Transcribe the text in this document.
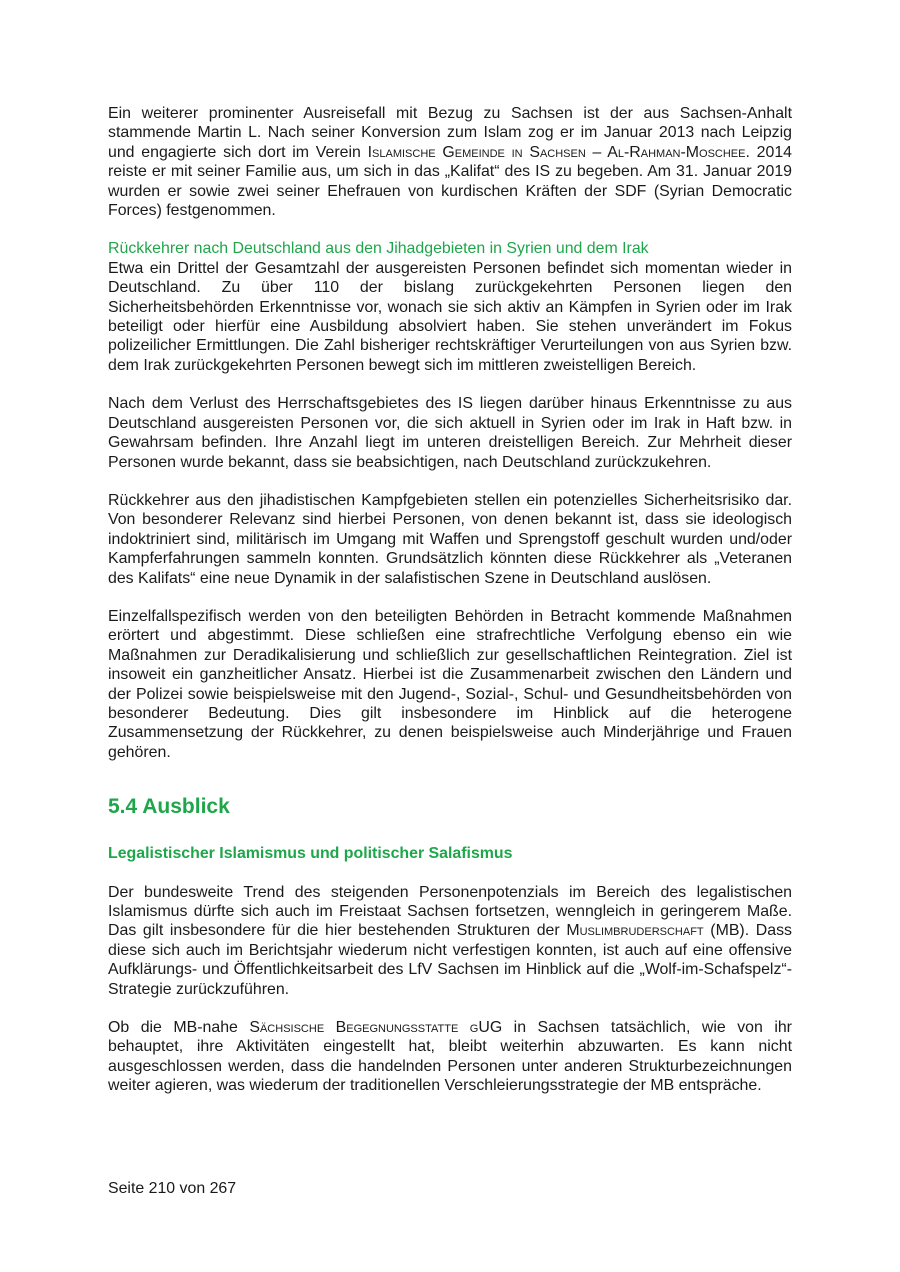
Ein weiterer prominenter Ausreisefall mit Bezug zu Sachsen ist der aus Sachsen-Anhalt stammende Martin L. Nach seiner Konversion zum Islam zog er im Januar 2013 nach Leipzig und engagierte sich dort im Verein Islamische Gemeinde in Sachsen – Al-Rahman-Moschee. 2014 reiste er mit seiner Familie aus, um sich in das „Kalifat“ des IS zu begeben. Am 31. Januar 2019 wurden er sowie zwei seiner Ehefrauen von kurdischen Kräften der SDF (Syrian Democratic Forces) festgenommen.

Rückkehrer nach Deutschland aus den Jihadgebieten in Syrien und dem Irak

Etwa ein Drittel der Gesamtzahl der ausgereisten Personen befindet sich momentan wieder in Deutschland. Zu über 110 der bislang zurückgekehrten Personen liegen den Sicherheitsbehörden Erkenntnisse vor, wonach sie sich aktiv an Kämpfen in Syrien oder im Irak beteiligt oder hierfür eine Ausbildung absolviert haben. Sie stehen unverändert im Fokus polizeilicher Ermittlungen. Die Zahl bisheriger rechtskräftiger Verurteilungen von aus Syrien bzw. dem Irak zurückgekehrten Personen bewegt sich im mittleren zweistelligen Bereich.

Nach dem Verlust des Herrschaftsgebietes des IS liegen darüber hinaus Erkenntnisse zu aus Deutschland ausgereisten Personen vor, die sich aktuell in Syrien oder im Irak in Haft bzw. in Gewahrsam befinden. Ihre Anzahl liegt im unteren dreistelligen Bereich. Zur Mehrheit dieser Personen wurde bekannt, dass sie beabsichtigen, nach Deutschland zurückzukehren.

Rückkehrer aus den jihadistischen Kampfgebieten stellen ein potenzielles Sicherheitsrisiko dar. Von besonderer Relevanz sind hierbei Personen, von denen bekannt ist, dass sie ideologisch indoktriniert sind, militärisch im Umgang mit Waffen und Sprengstoff geschult wurden und/oder Kampferfahrungen sammeln konnten. Grundsätzlich könnten diese Rückkehrer als „Veteranen des Kalifats“ eine neue Dynamik in der salafistischen Szene in Deutschland auslösen.

Einzelfallspezifisch werden von den beteiligten Behörden in Betracht kommende Maßnahmen erörtert und abgestimmt. Diese schließen eine strafrechtliche Verfolgung ebenso ein wie Maßnahmen zur Deradikalisierung und schließlich zur gesellschaftlichen Reintegration. Ziel ist insoweit ein ganzheitlicher Ansatz. Hierbei ist die Zusammenarbeit zwischen den Ländern und der Polizei sowie beispielsweise mit den Jugend-, Sozial-, Schul- und Gesundheitsbehörden von besonderer Bedeutung. Dies gilt insbesondere im Hinblick auf die heterogene Zusammensetzung der Rückkehrer, zu denen beispielsweise auch Minderjährige und Frauen gehören.

5.4 Ausblick
Legalistischer Islamismus und politischer Salafismus

Der bundesweite Trend des steigenden Personenpotenzials im Bereich des legalistischen Islamismus dürfte sich auch im Freistaat Sachsen fortsetzen, wenngleich in geringerem Maße. Das gilt insbesondere für die hier bestehenden Strukturen der Muslimbruderschaft (MB). Dass diese sich auch im Berichtsjahr wiederum nicht verfestigen konnten, ist auch auf eine offensive Aufklärungs- und Öffentlichkeitsarbeit des LfV Sachsen im Hinblick auf die „Wolf-im-Schafspelz“-Strategie zurückzuführen.

Ob die MB-nahe Sächsische Begegnungsstatte gUG in Sachsen tatsächlich, wie von ihr behauptet, ihre Aktivitäten eingestellt hat, bleibt weiterhin abzuwarten. Es kann nicht ausgeschlossen werden, dass die handelnden Personen unter anderen Strukturbezeichnungen weiter agieren, was wiederum der traditionellen Verschleierungsstrategie der MB entspräche.

Seite 210 von 267
